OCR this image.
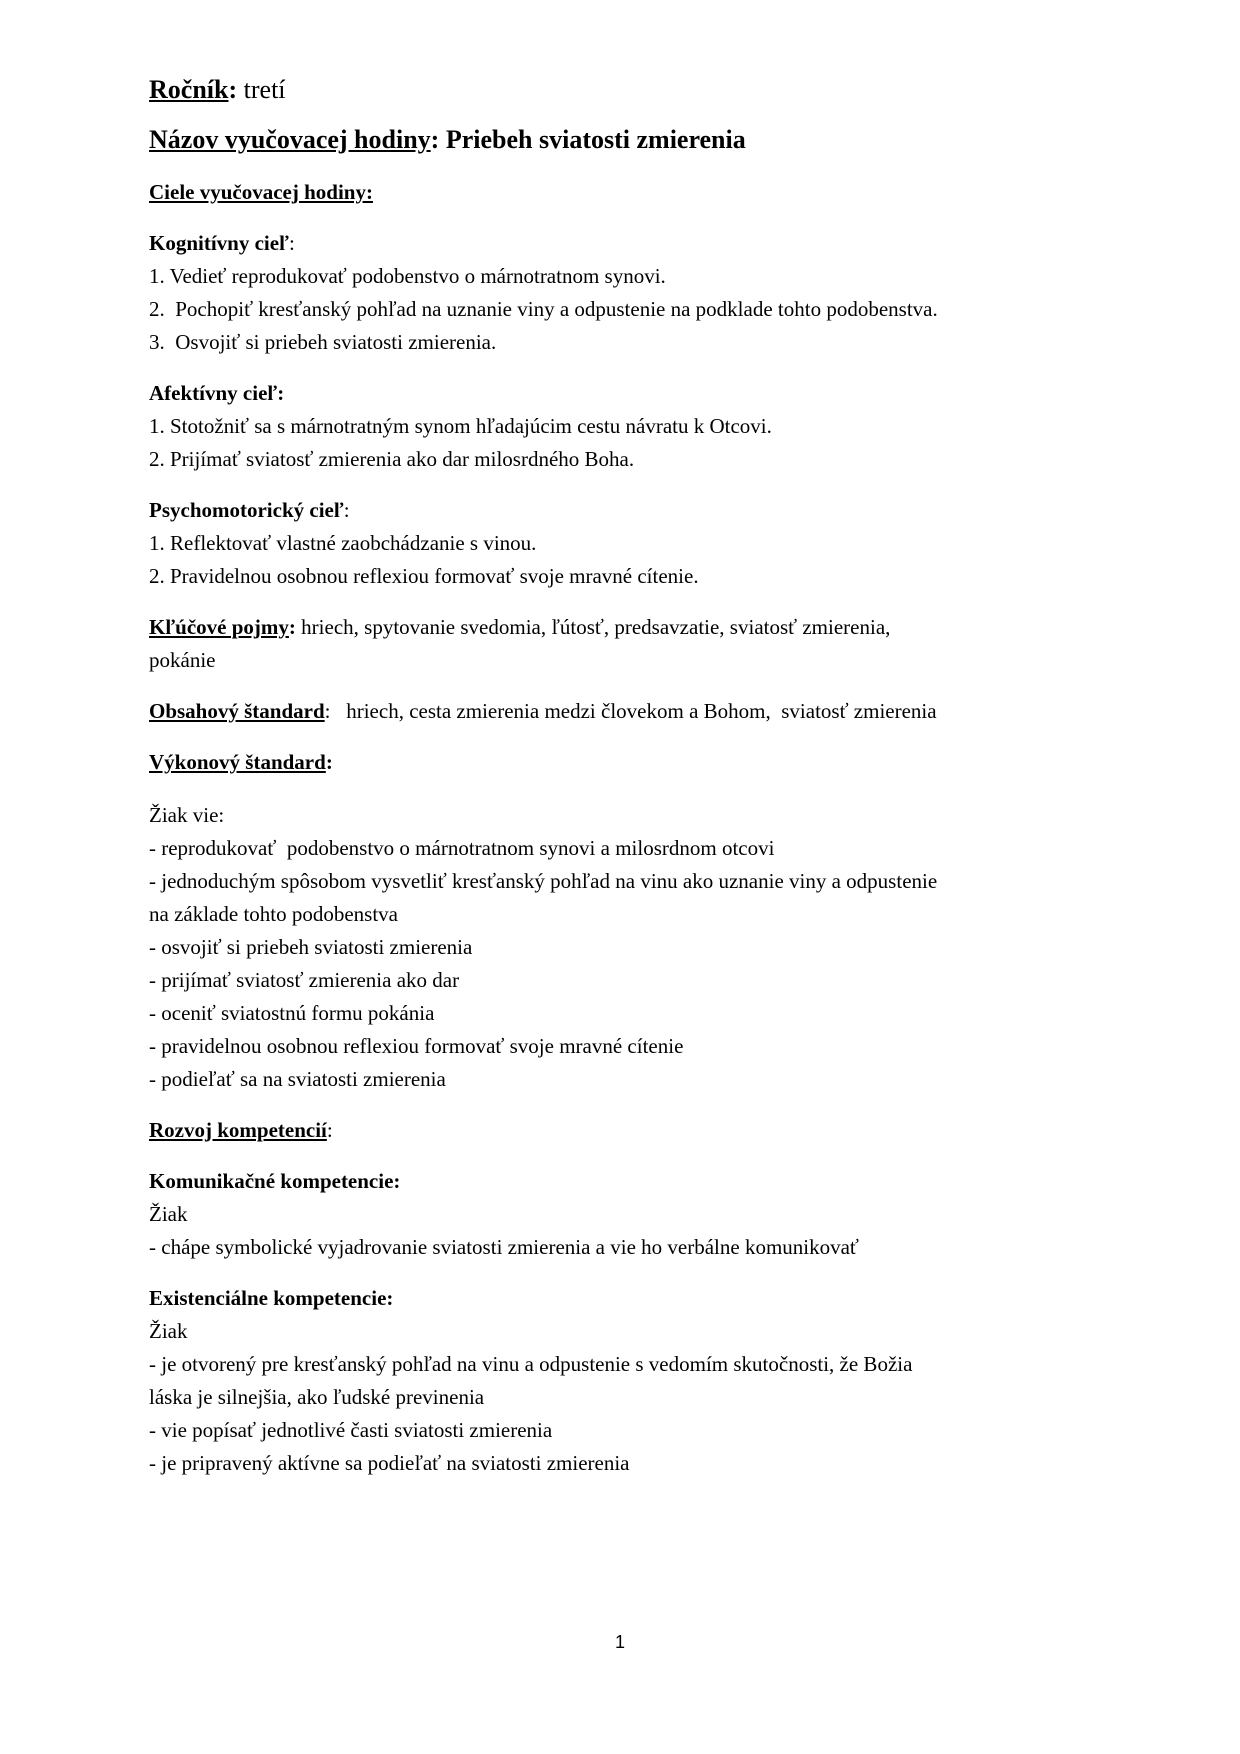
Ročník: tretí
Názov vyučovacej hodiny: Priebeh sviatosti zmierenia
Ciele vyučovacej hodiny:
Kognitívny cieľ:
1. Vedieť reprodukovať podobenstvo o márnotratnom synovi.
2.  Pochopiť kresťanský pohľad na uznanie viny a odpustenie na podklade tohto podobenstva.
3.  Osvojiť si priebeh sviatosti zmierenia.
Afektívny cieľ:
1. Stotožniť sa s márnotratným synom hľadajúcim cestu návratu k Otcovi.
2. Prijímať sviatosť zmierenia ako dar milosrdného Boha.
Psychomotorický cieľ:
1. Reflektovať vlastné zaobchádzanie s vinou.
2. Pravidelnou osobnou reflexiou formovať svoje mravné cítenie.
Kľúčové pojmy: hriech, spytovanie svedomia, ľútosť, predsavzatie, sviatosť zmierenia,
pokánie
Obsahový štandard:   hriech, cesta zmierenia medzi človekom a Bohom,  sviatosť zmierenia
Výkonový štandard:
Žiak vie:
- reprodukovať  podobenstvo o márnotratnom synovi a milosrdnom otcovi
- jednoduchým spôsobom vysvetliť kresťanský pohľad na vinu ako uznanie viny a odpustenie
na základe tohto podobenstva
- osvojiť si priebeh sviatosti zmierenia
- prijímať sviatosť zmierenia ako dar
- oceniť sviatostnú formu pokánia
- pravidelnou osobnou reflexiou formovať svoje mravné cítenie
- podieľať sa na sviatosti zmierenia
Rozvoj kompetencií:
Komunikačné kompetencie:
Žiak
- chápe symbolické vyjadrovanie sviatosti zmierenia a vie ho verbálne komunikovať
Existenciálne kompetencie:
Žiak
- je otvorený pre kresťanský pohľad na vinu a odpustenie s vedomím skutočnosti, že Božia
láska je silnejšia, ako ľudské previnenia
- vie popísať jednotlivé časti sviatosti zmierenia
- je pripravený aktívne sa podieľať na sviatosti zmierenia
1
